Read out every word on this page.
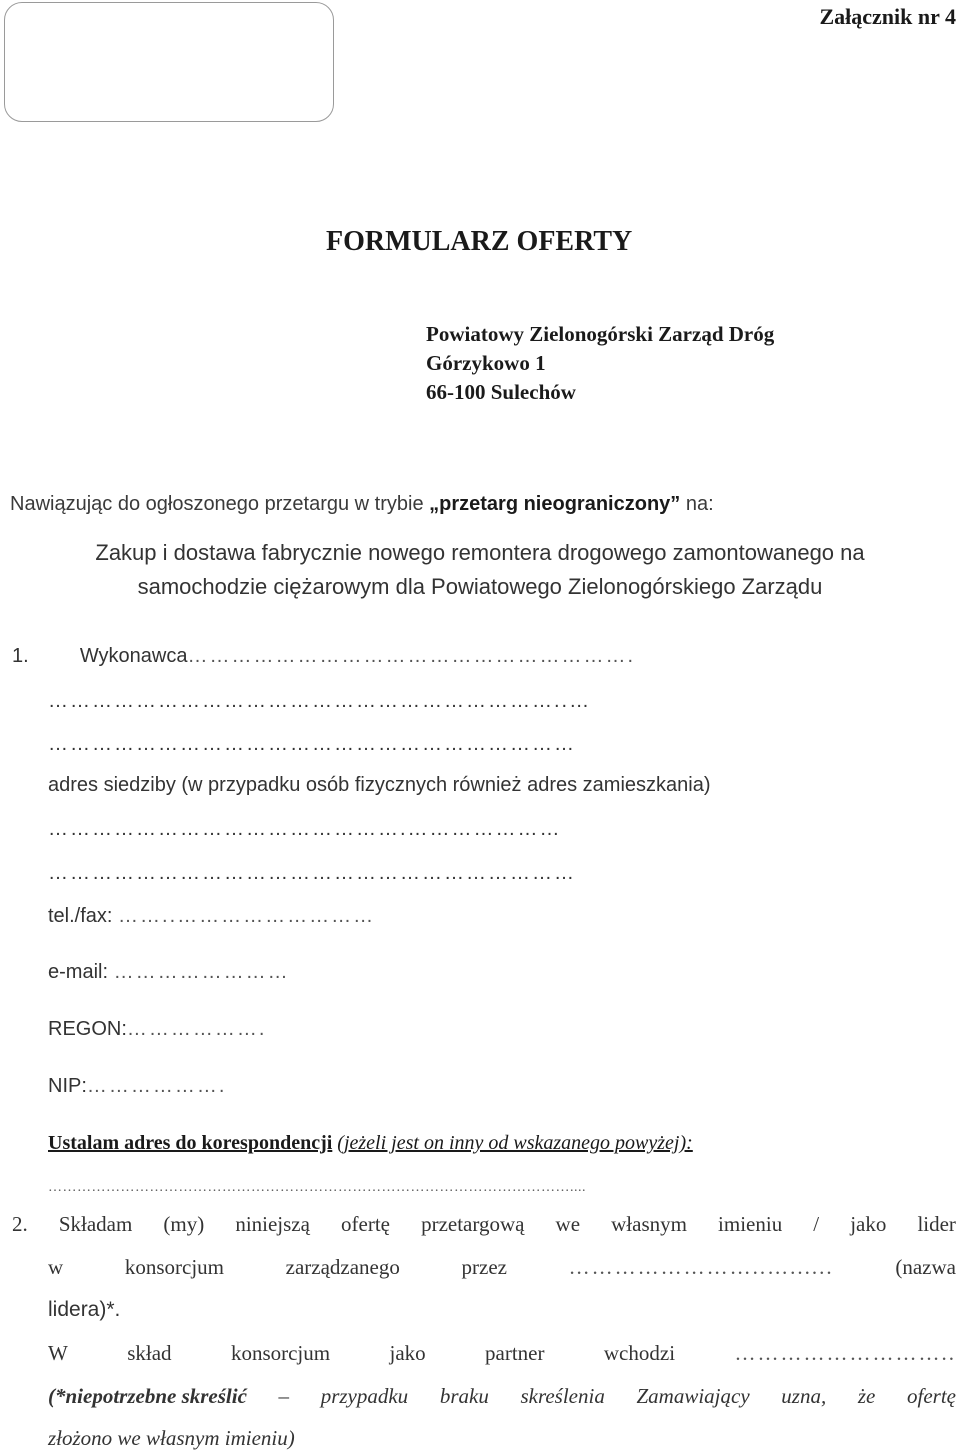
Załącznik nr 4
FORMULARZ OFERTY
Powiatowy Zielonogórski Zarząd Dróg
Górzykowo 1
66-100 Sulechów
Nawiązując do ogłoszonego przetargu w trybie „przetarg nieograniczony” na:
Zakup i dostawa fabrycznie nowego remontera drogowego zamontowanego na
samochodzie ciężarowym dla Powiatowego Zielonogórskiego Zarządu
1.	Wykonawca…………………………………………………….
……………………………………………………………..…
………………………………………………………………
adres siedziby (w przypadku osób fizycznych również adres zamieszkania)
………………………………………….…………………
………………………………………………………………
tel./fax: ……..………………………
e-mail: ……………………
REGON:……………….
NIP:……………….
Ustalam adres do korespondencji (jeżeli jest on inny od wskazanego powyżej):
………………………………………………………………………………………………....
2. Składam (my) niniejszą ofertę przetargową we własnym imieniu / jako lider
w	konsorcjum	zarządzanego	przez	……………………..…......	(nazwa
lidera)*.
W	skład	konsorcjum	jako	partner	wchodzi	………………………..
(*niepotrzebne skreślić – przypadku braku skreślenia Zamawiający uzna, że ofertę
złożono we własnym imieniu)
